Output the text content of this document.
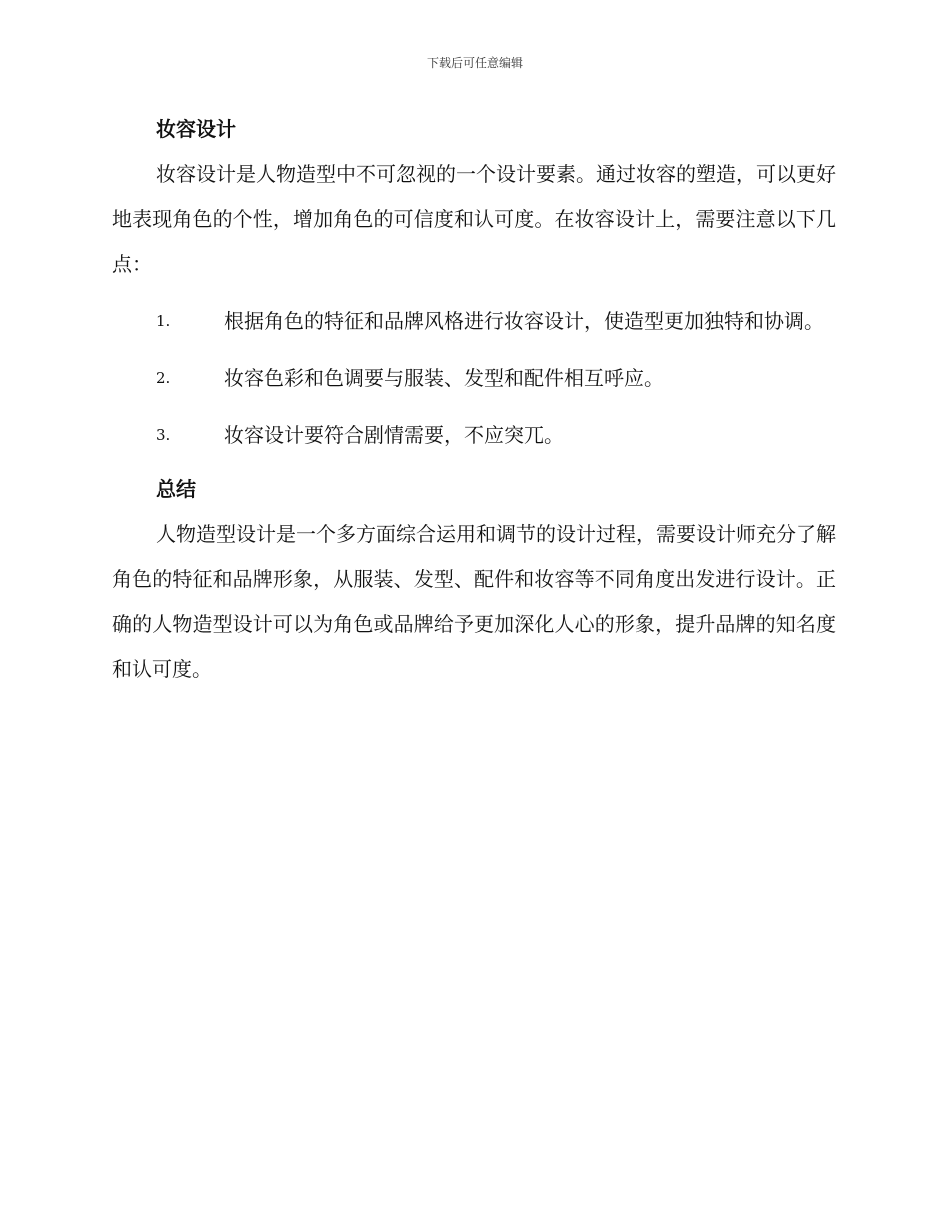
下载后可任意编辑
妆容设计

妆容设计是人物造型中不可忽视的一个设计要素。通过妆容的塑造，可以更好地表现角色的个性，增加角色的可信度和认可度。在妆容设计上，需要注意以下几点：

1.	根据角色的特征和品牌风格进行妆容设计，使造型更加独特和协调。

2.	妆容色彩和色调要与服装、发型和配件相互呼应。

3.	妆容设计要符合剧情需要，不应突兀。

总结

人物造型设计是一个多方面综合运用和调节的设计过程，需要设计师充分了解角色的特征和品牌形象，从服装、发型、配件和妆容等不同角度出发进行设计。正确的人物造型设计可以为角色或品牌给予更加深化人心的形象，提升品牌的知名度和认可度。
